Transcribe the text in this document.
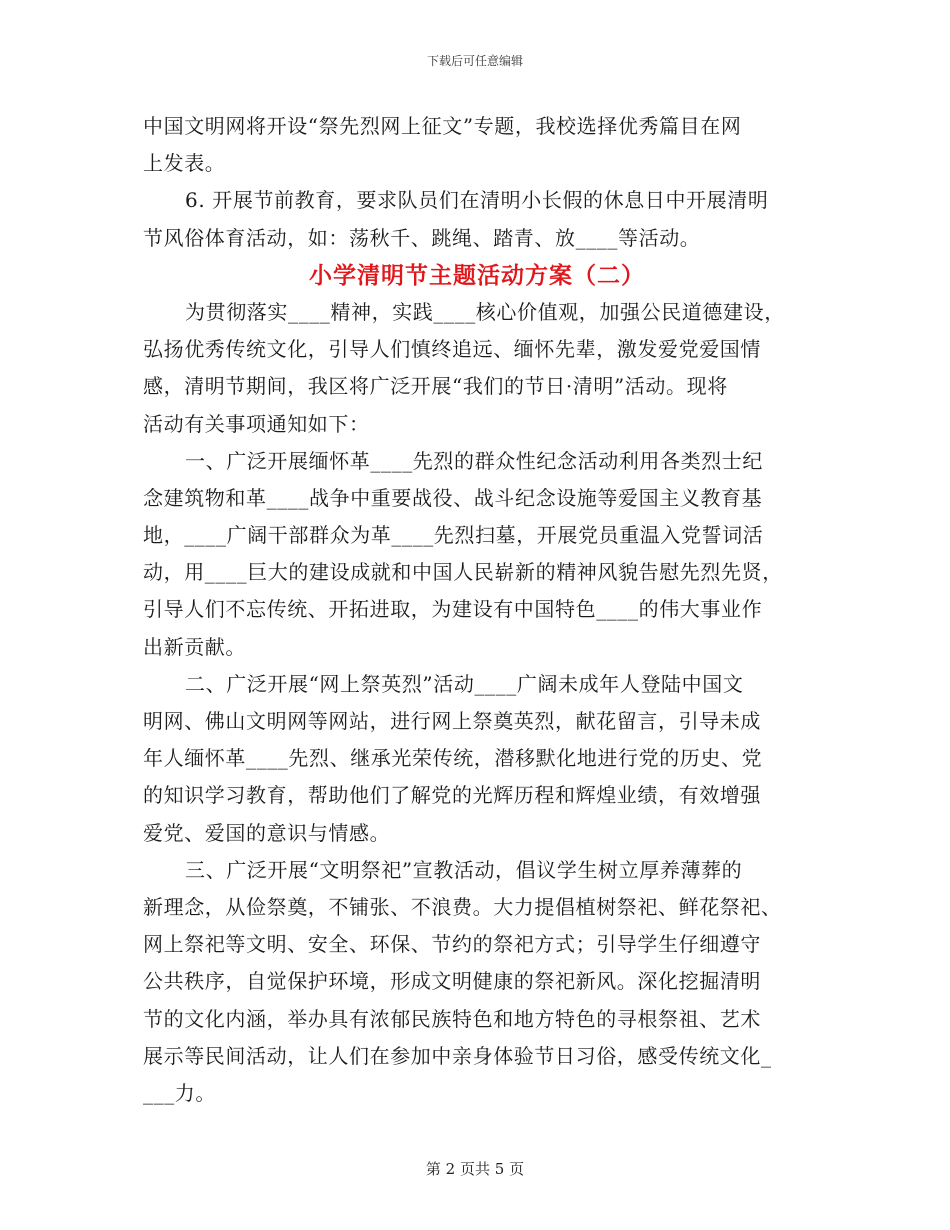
下载后可任意编辑
中国文明网将开设“祭先烈网上征文”专题，我校选择优秀篇目在网
上发表。
6. 开展节前教育，要求队员们在清明小长假的休息日中开展清明
节风俗体育活动，如：荡秋千、跳绳、踏青、放____等活动。
小学清明节主题活动方案（二）
为贯彻落实____精神，实践____核心价值观，加强公民道德建设，
弘扬优秀传统文化，引导人们慎终追远、缅怀先辈，激发爱党爱国情
感，清明节期间，我区将广泛开展“我们的节日·清明”活动。现将
活动有关事项通知如下：
一、广泛开展缅怀革____先烈的群众性纪念活动利用各类烈士纪
念建筑物和革____战争中重要战役、战斗纪念设施等爱国主义教育基
地，____广阔干部群众为革____先烈扫墓，开展党员重温入党誓词活
动，用____巨大的建设成就和中国人民崭新的精神风貌告慰先烈先贤，
引导人们不忘传统、开拓进取，为建设有中国特色____的伟大事业作
出新贡献。
二、广泛开展“网上祭英烈”活动____广阔未成年人登陆中国文
明网、佛山文明网等网站，进行网上祭奠英烈，献花留言，引导未成
年人缅怀革____先烈、继承光荣传统，潜移默化地进行党的历史、党
的知识学习教育，帮助他们了解党的光辉历程和辉煌业绩，有效增强
爱党、爱国的意识与情感。
三、广泛开展“文明祭祀”宣教活动，倡议学生树立厚养薄葬的
新理念，从俭祭奠，不铺张、不浪费。大力提倡植树祭祀、鲜花祭祀、
网上祭祀等文明、安全、环保、节约的祭祀方式；引导学生仔细遵守
公共秩序，自觉保护环境，形成文明健康的祭祀新风。深化挖掘清明
节的文化内涵，举办具有浓郁民族特色和地方特色的寻根祭祖、艺术
展示等民间活动，让人们在参加中亲身体验节日习俗，感受传统文化_
___力。
第 2 页共 5 页
